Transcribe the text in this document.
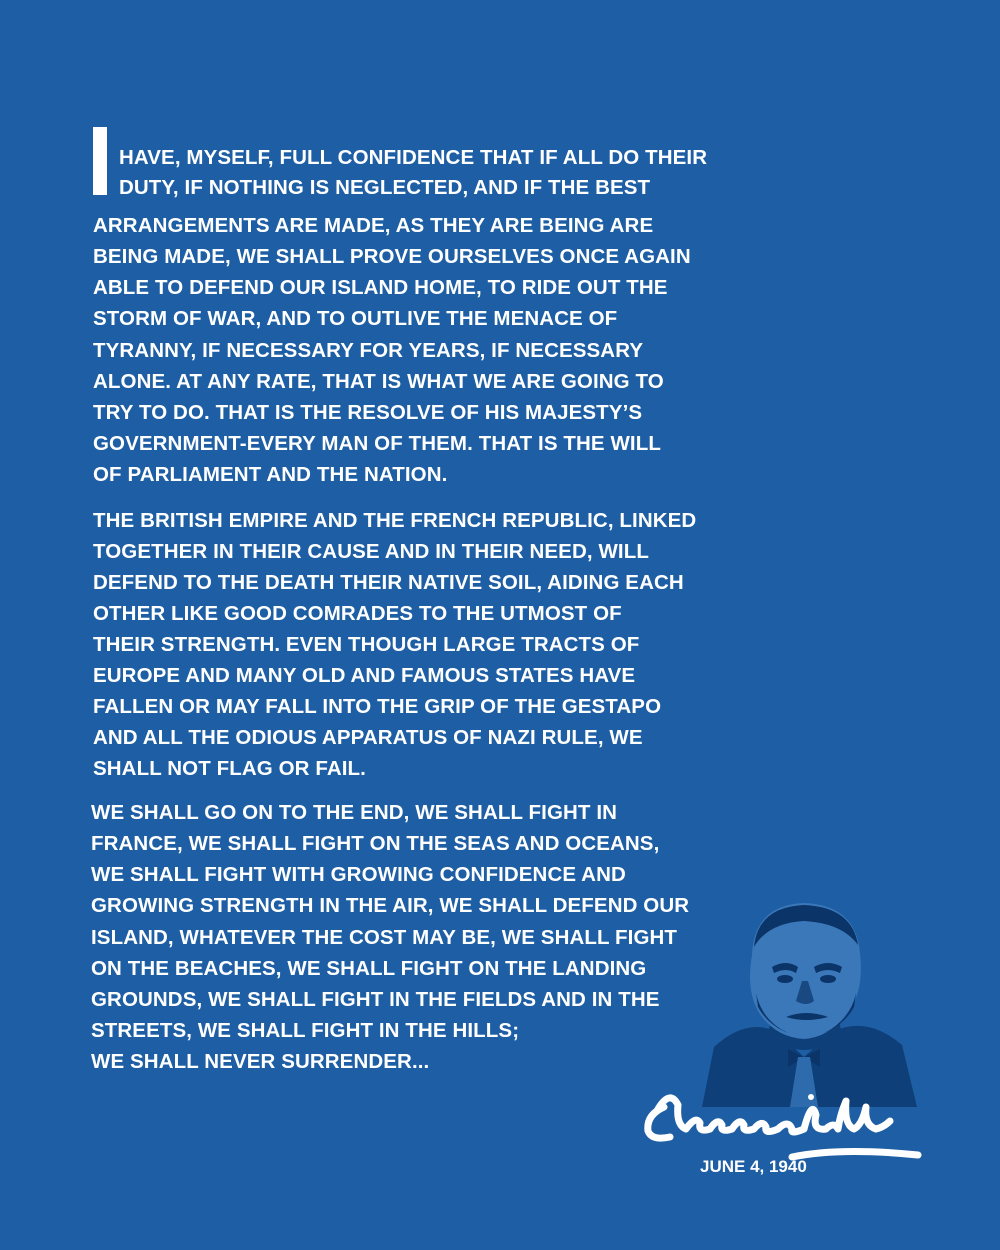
HAVE, MYSELF, FULL CONFIDENCE THAT IF ALL DO THEIR
DUTY, IF NOTHING IS NEGLECTED, AND IF THE BEST
ARRANGEMENTS ARE MADE, AS THEY ARE BEING ARE
BEING MADE, WE SHALL PROVE OURSELVES ONCE AGAIN
ABLE TO DEFEND OUR ISLAND HOME, TO RIDE OUT THE
STORM OF WAR, AND TO OUTLIVE THE MENACE OF
TYRANNY, IF NECESSARY FOR YEARS, IF NECESSARY
ALONE. AT ANY RATE, THAT IS WHAT WE ARE GOING TO
TRY TO DO. THAT IS THE RESOLVE OF HIS MAJESTY’S
GOVERNMENT-EVERY MAN OF THEM. THAT IS THE WILL
OF PARLIAMENT AND THE NATION.
THE BRITISH EMPIRE AND THE FRENCH REPUBLIC, LINKED
TOGETHER IN THEIR CAUSE AND IN THEIR NEED, WILL
DEFEND TO THE DEATH THEIR NATIVE SOIL, AIDING EACH
OTHER LIKE GOOD COMRADES TO THE UTMOST OF
THEIR STRENGTH. EVEN THOUGH LARGE TRACTS OF
EUROPE AND MANY OLD AND FAMOUS STATES HAVE
FALLEN OR MAY FALL INTO THE GRIP OF THE GESTAPO
AND ALL THE ODIOUS APPARATUS OF NAZI RULE, WE
SHALL NOT FLAG OR FAIL.
WE SHALL GO ON TO THE END, WE SHALL FIGHT IN
FRANCE, WE SHALL FIGHT ON THE SEAS AND OCEANS,
WE SHALL FIGHT WITH GROWING CONFIDENCE AND
GROWING STRENGTH IN THE AIR, WE SHALL DEFEND OUR
ISLAND, WHATEVER THE COST MAY BE, WE SHALL FIGHT
ON THE BEACHES, WE SHALL FIGHT ON THE LANDING
GROUNDS, WE SHALL FIGHT IN THE FIELDS AND IN THE
STREETS, WE SHALL FIGHT IN THE HILLS;
WE SHALL NEVER SURRENDER...
JUNE 4, 1940
